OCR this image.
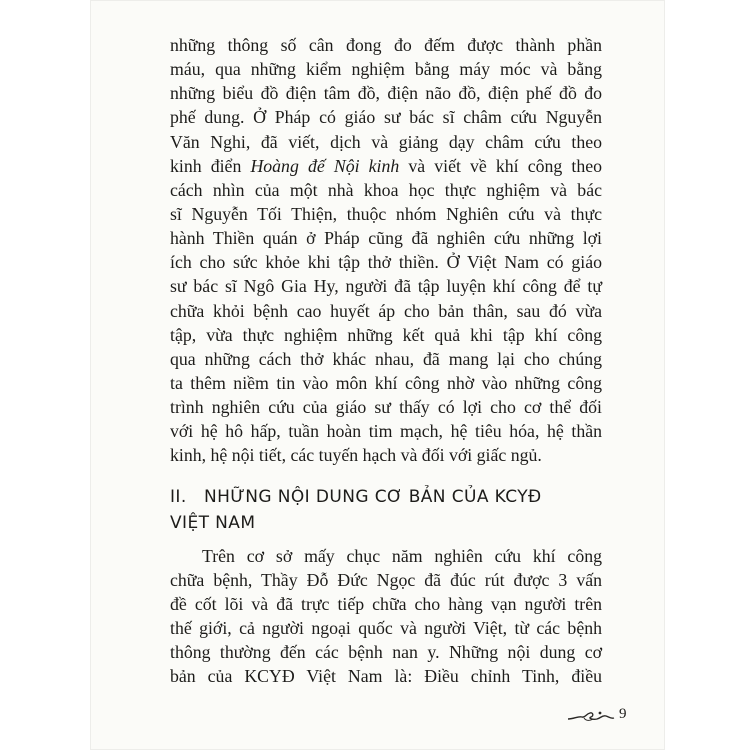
những thông số cân đong đo đếm được thành phần
máu, qua những kiểm nghiệm bằng máy móc và bằng
những biểu đồ điện tâm đồ, điện não đồ, điện phế đồ đo
phế dung. Ở Pháp có giáo sư bác sĩ châm cứu Nguyễn
Văn Nghi, đã viết, dịch và giảng dạy châm cứu theo
kinh điển Hoàng đế Nội kinh và viết về khí công theo
cách nhìn của một nhà khoa học thực nghiệm và bác
sĩ Nguyễn Tối Thiện, thuộc nhóm Nghiên cứu và thực
hành Thiền quán ở Pháp cũng đã nghiên cứu những lợi
ích cho sức khỏe khi tập thở thiền. Ở Việt Nam có giáo
sư bác sĩ Ngô Gia Hy, người đã tập luyện khí công để tự
chữa khỏi bệnh cao huyết áp cho bản thân, sau đó vừa
tập, vừa thực nghiệm những kết quả khi tập khí công
qua những cách thở khác nhau, đã mang lại cho chúng
ta thêm niềm tin vào môn khí công nhờ vào những công
trình nghiên cứu của giáo sư thấy có lợi cho cơ thể đối
với hệ hô hấp, tuần hoàn tim mạch, hệ tiêu hóa, hệ thần
kinh, hệ nội tiết, các tuyến hạch và đối với giấc ngủ.
II. NHỮNG NỘI DUNG CƠ BẢN CỦA KCYĐ
VIỆT NAM
Trên cơ sở mấy chục năm nghiên cứu khí công
chữa bệnh, Thầy Đỗ Đức Ngọc đã đúc rút được 3 vấn
đề cốt lõi và đã trực tiếp chữa cho hàng vạn người trên
thế giới, cả người ngoại quốc và người Việt, từ các bệnh
thông thường đến các bệnh nan y. Những nội dung cơ
bản của KCYĐ Việt Nam là: Điều chỉnh Tinh, điều
9
